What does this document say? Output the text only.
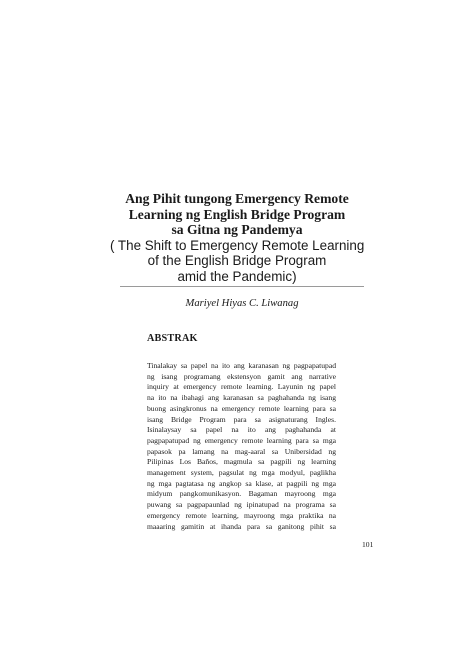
Ang Pihit tungong Emergency Remote
Learning ng English Bridge Program
sa Gitna ng Pandemya
( The Shift to Emergency Remote Learning
of the English Bridge Program
amid the Pandemic)
Mariyel Hiyas C. Liwanag
ABSTRAK
Tinalakay sa papel na ito ang karanasan ng pagpapatupad
ng isang programang ekstensyon gamit ang narrative
inquiry at emergency remote learning. Layunin ng papel
na ito na ibahagi ang karanasan sa paghahanda ng isang
buong asingkronus na emergency remote learning para sa
isang Bridge Program para sa asignaturang Ingles.
Isinalaysay sa papel na ito ang paghahanda at
pagpapatupad ng emergency remote learning para sa mga
papasok pa lamang na mag-aaral sa Unibersidad ng
Pilipinas Los Baños, magmula sa pagpili ng learning
management system, pagsulat ng mga modyul, paglikha
ng mga pagtatasa ng angkop sa klase, at pagpili ng mga
midyum pangkomunikasyon. Bagaman mayroong mga
puwang sa pagpapaunlad ng ipinatupad na programa sa
emergency remote learning, mayroong mga praktika na
maaaring gamitin at ihanda para sa ganitong pihit sa
101
